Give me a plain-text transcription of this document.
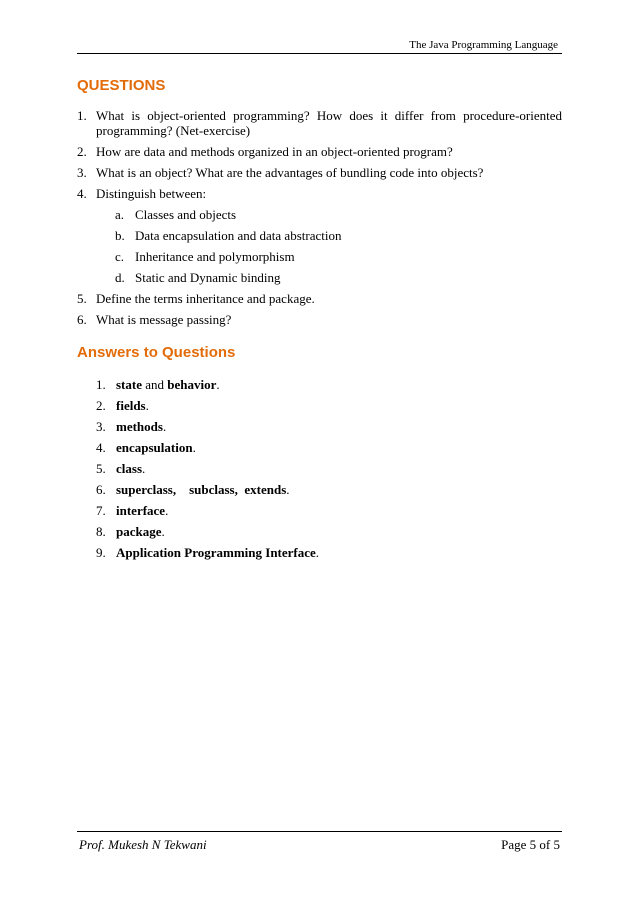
The Java Programming Language
QUESTIONS
1. What is object-oriented programming? How does it differ from procedure-oriented programming? (Net-exercise)
2. How are data and methods organized in an object-oriented program?
3. What is an object? What are the advantages of bundling code into objects?
4. Distinguish between:
a. Classes and objects
b. Data encapsulation and data abstraction
c. Inheritance and polymorphism
d. Static and Dynamic binding
5. Define the terms inheritance and package.
6. What is message passing?
Answers to Questions
1. state and behavior.
2. fields.
3. methods.
4. encapsulation.
5. class.
6. superclass, subclass, extends.
7. interface.
8. package.
9. Application Programming Interface.
Prof. Mukesh N Tekwani	Page 5 of 5
